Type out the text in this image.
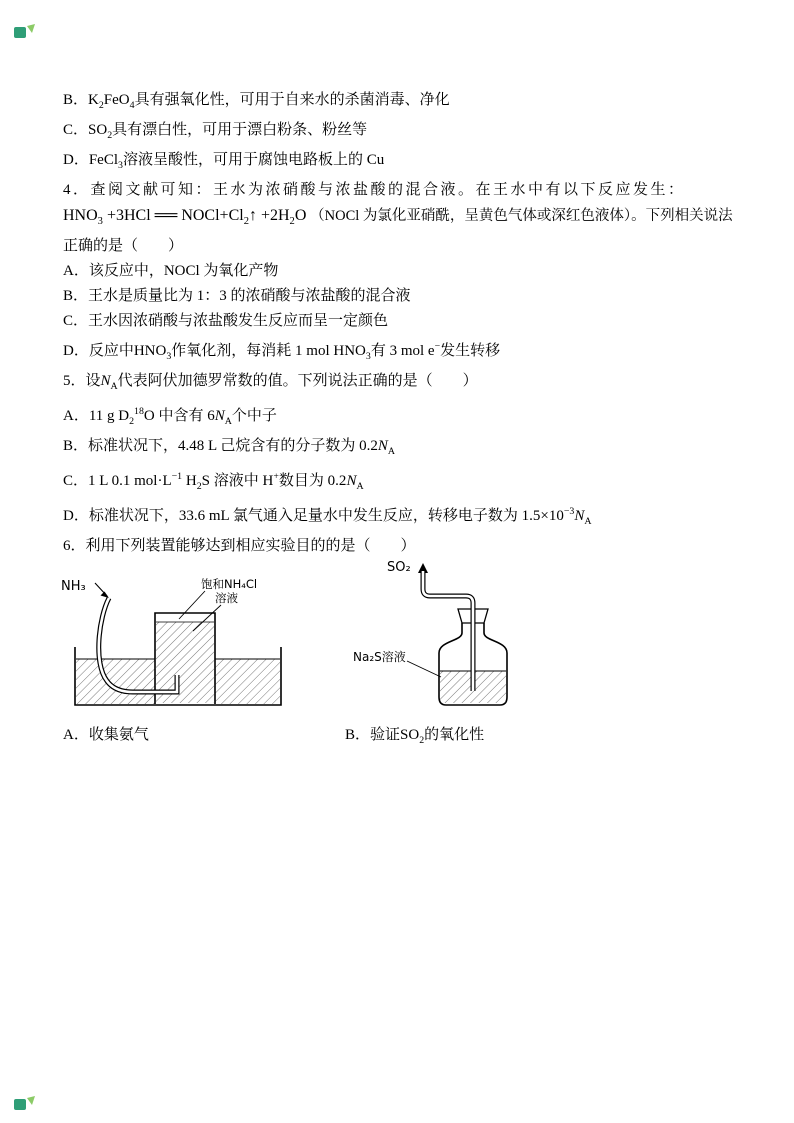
B．$K_2FeO_4$具有强氧化性，可用于自来水的杀菌消毒、净化

C．$SO_2$具有漂白性，可用于漂白粉条、粉丝等

D．FeCl$_3$溶液呈酸性，可用于腐蚀电路板上的 Cu

4．查阅文献可知：王水为浓硝酸与浓盐酸的混合液。在王水中有以下反应发生：

$HNO_3 +3HCl$ ══ $NOCl+Cl_2↑ +2H_2O$ （NOCl 为氯化亚硝酰，呈黄色气体或深红色液体）。下列相关说法

正确的是（　　）

A．该反应中，NOCl 为氧化产物

B．王水是质量比为 1：3 的浓硝酸与浓盐酸的混合液

C．王水因浓硝酸与浓盐酸发生反应而呈一定颜色

D．反应中$HNO_3$作氧化剂，每消耗 1 mol $HNO_3$有 3 mol e−发生转移

5．设$N_A$代表阿伏加德罗常数的值。下列说法正确的是（　　）

A．11 g $D_2^{18}O$ 中含有 $6N_A$个中子

B．标准状况下，4.48 L 己烷含有的分子数为 $0.2N_A$

C．1 L 0.1 $mol\cdot L^{-1}$ $H_2S$ 溶液中 H+数目为 $0.2N_A$

D．标准状况下，33.6 mL 氯气通入足量水中发生反应，转移电子数为 $1.5\times 10^{-3}N_A$

6．利用下列装置能够达到相应实验目的的是（　　）

NH₃	饱和NH₄Cl
溶液
SO₂
Na₂S溶液

A．收集氨气	B．验证$SO_2$的氧化性
